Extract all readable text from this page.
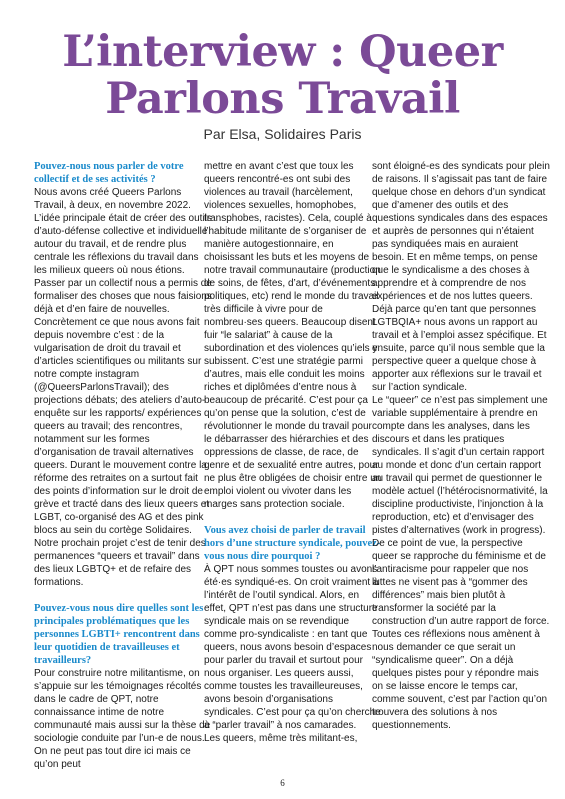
L’interview : Queer
Parlons Travail
Par Elsa, Solidaires Paris

Pouvez-nous nous parler de votre collectif et de ses activités ?

Nous avons créé Queers Parlons Travail, à deux, en novembre 2022. L’idée principale était de créer des outils d’auto-défense collective et individuelle autour du travail, et de rendre plus centrale les réflexions du travail dans les milieux queers où nous étions. Passer par un collectif nous a permis de formaliser des choses que nous faisions déjà et d’en faire de nouvelles.

Concrètement ce que nous avons fait depuis novembre c’est : de la vulgarisation de droit du travail et d’articles scientifiques ou militants sur notre compte instagram (@QueersParlonsTravail); des projections débats; des ateliers d’auto-enquête sur les rapports/ expériences queers au travail; des rencontres, notamment sur les formes d’organisation de travail alternatives queers. Durant le mouvement contre la réforme des retraites on a surtout fait des points d’information sur le droit de grève et tracté dans des lieux queers et LGBT, co-organisé des AG et des pink blocs au sein du cortège Solidaires. Notre prochain projet c’est de tenir des permanences “queers et travail” dans des lieux LGBTQ+ et de refaire des formations.

Pouvez-vous nous dire quelles sont les principales problématiques que les personnes LGBTI+ rencontrent dans leur quotidien de travailleuses et travailleurs?

Pour construire notre militantisme, on s’appuie sur les témoignages récoltés dans le cadre de QPT, notre connaissance intime de notre communauté mais aussi sur la thèse de sociologie conduite par l’un-e de nous. On ne peut pas tout dire ici mais ce qu’on peut

mettre en avant c’est que toux les queers rencontré-es ont subi des violences au travail (harcèlement, violences sexuelles, homophobes, transphobes, racistes). Cela, couplé à l’habitude militante de s’organiser de manière autogestionnaire, en choisissant les buts et les moyens de notre travail communautaire (production de soins, de fêtes, d’art, d’événements politiques, etc) rend le monde du travail très difficile à vivre pour de nombreu·ses queers. Beaucoup disent fuir “le salariat” à cause de la subordination et des violences qu’iels y subissent. C’est une stratégie parmi d’autres, mais elle conduit les moins riches et diplômées d’entre nous à beaucoup de précarité. C’est pour ça qu’on pense que la solution, c’est de révolutionner le monde du travail pour le débarrasser des hiérarchies et des oppressions de classe, de race, de genre et de sexualité entre autres, pour ne plus être obligées de choisir entre un emploi violent ou vivoter dans les marges sans protection sociale.

Vous avez choisi de parler de travail hors d’une structure syndicale, pouvez-vous nous dire pourquoi ?

À QPT nous sommes toustes ou avons été·es syndiqué-es. On croit vraiment à l’intérêt de l’outil syndical. Alors, en effet, QPT n’est pas dans une structure syndicale mais on se revendique comme pro-syndicaliste : en tant que queers, nous avons besoin d’espaces pour parler du travail et surtout pour nous organiser. Les queers aussi, comme toustes les travailleureuses, avons besoin d’organisations syndicales. C’est pour ça qu’on cherche à “parler travail” à nos camarades.

Les queers, même très militant-es,

sont éloigné-es des syndicats pour plein de raisons. Il s’agissait pas tant de faire quelque chose en dehors d’un syndicat que d’amener des outils et des questions syndicales dans des espaces et auprès de personnes qui n’étaient pas syndiquées mais en auraient besoin. Et en même temps, on pense que le syndicalisme a des choses à apprendre et à comprendre de nos expériences et de nos luttes queers. Déjà parce qu’en tant que personnes LGTBQIA+ nous avons un rapport au travail et à l’emploi assez spécifique. Et ensuite, parce qu’il nous semble que la perspective queer a quelque chose à apporter aux réflexions sur le travail et sur l’action syndicale.

Le “queer” ce n’est pas simplement une variable supplémentaire à prendre en compte dans les analyses, dans les discours et dans les pratiques syndicales. Il s’agit d’un certain rapport au monde et donc d’un certain rapport au travail qui permet de questionner le modèle actuel (l’hétérocisnormativité, la discipline productiviste, l’injonction à la reproduction, etc) et d’envisager des pistes d’alternatives (work in progress).

De ce point de vue, la perspective queer se rapproche du féminisme et de l’antiracisme pour rappeler que nos luttes ne visent pas à “gommer des différences” mais bien plutôt à transformer la société par la construction d’un autre rapport de force.

Toutes ces réflexions nous amènent à nous demander ce que serait un “syndicalisme queer”. On a déjà quelques pistes pour y répondre mais on se laisse encore le temps car, comme souvent, c’est par l’action qu’on trouvera des solutions à nos questionnements.

6
